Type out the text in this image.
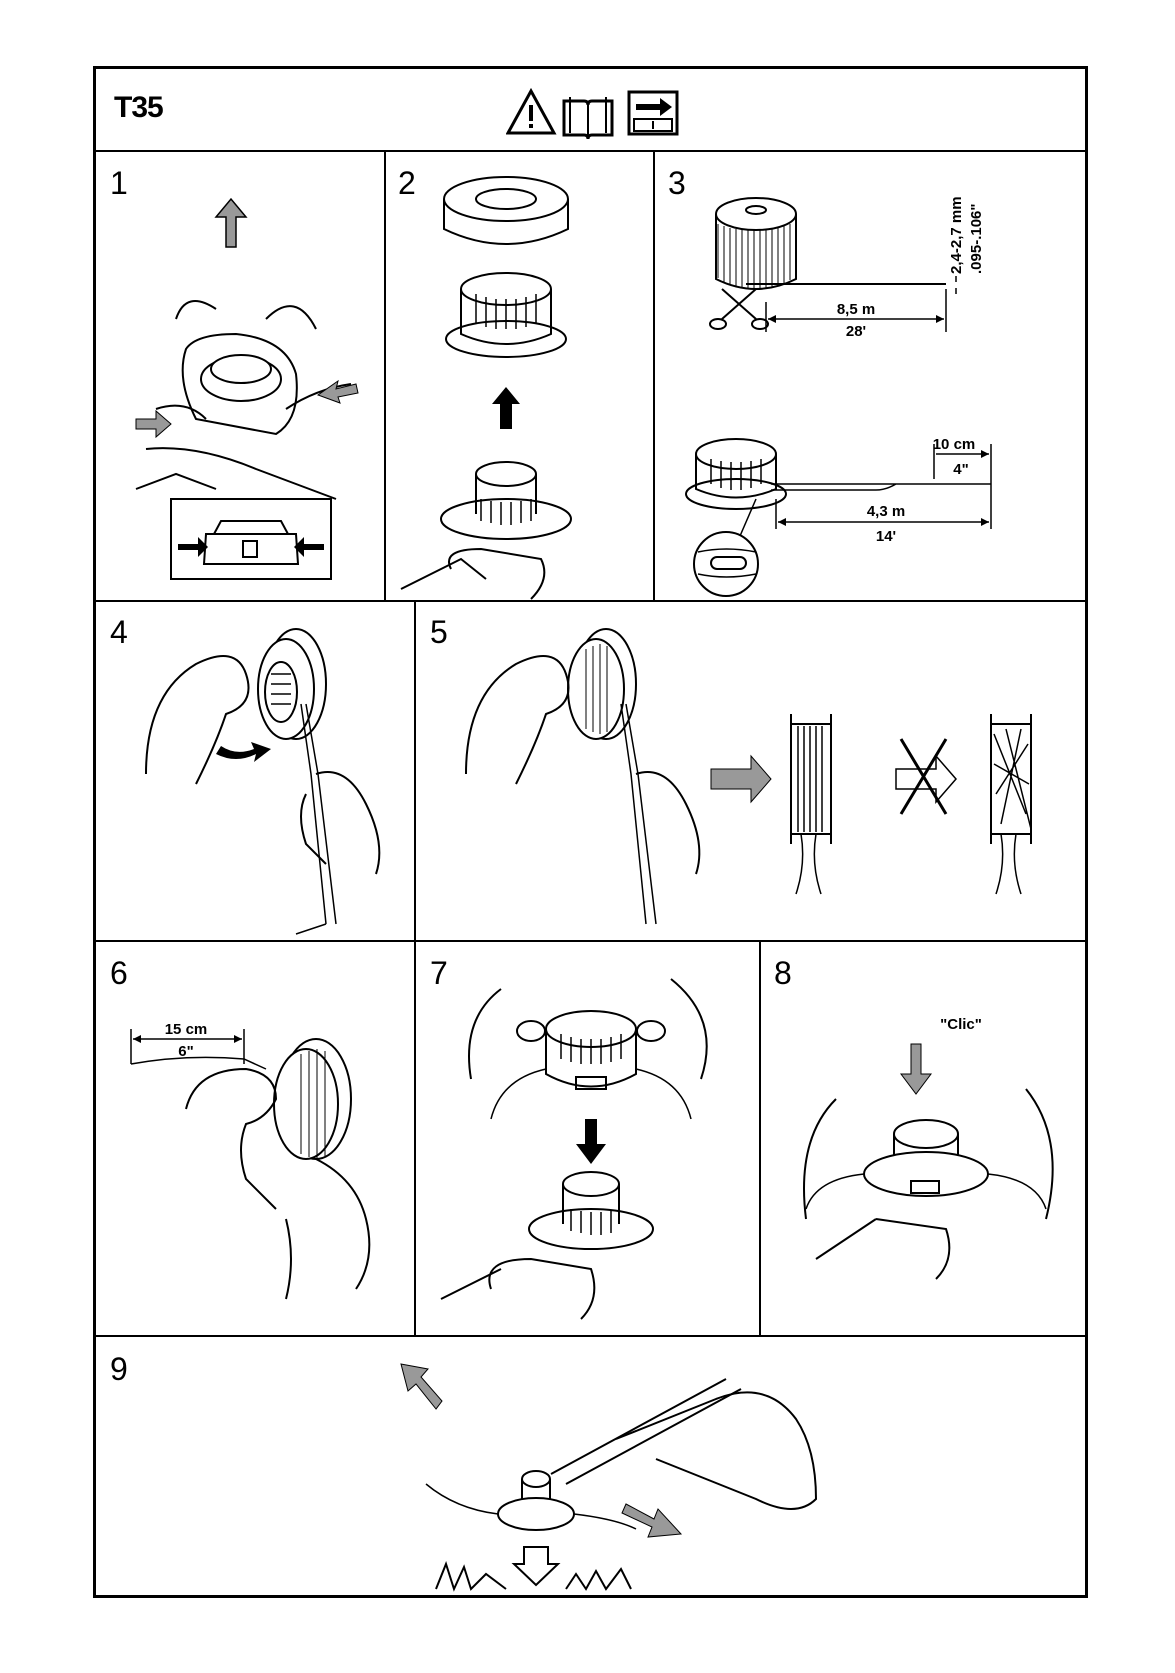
T35
1	2	3
4	5
6	7	8
9
8,5 m
28'
2,4-2,7 mm .095-.106"
10 cm
4"
4,3 m
14'
15 cm
6"
"Clic"
